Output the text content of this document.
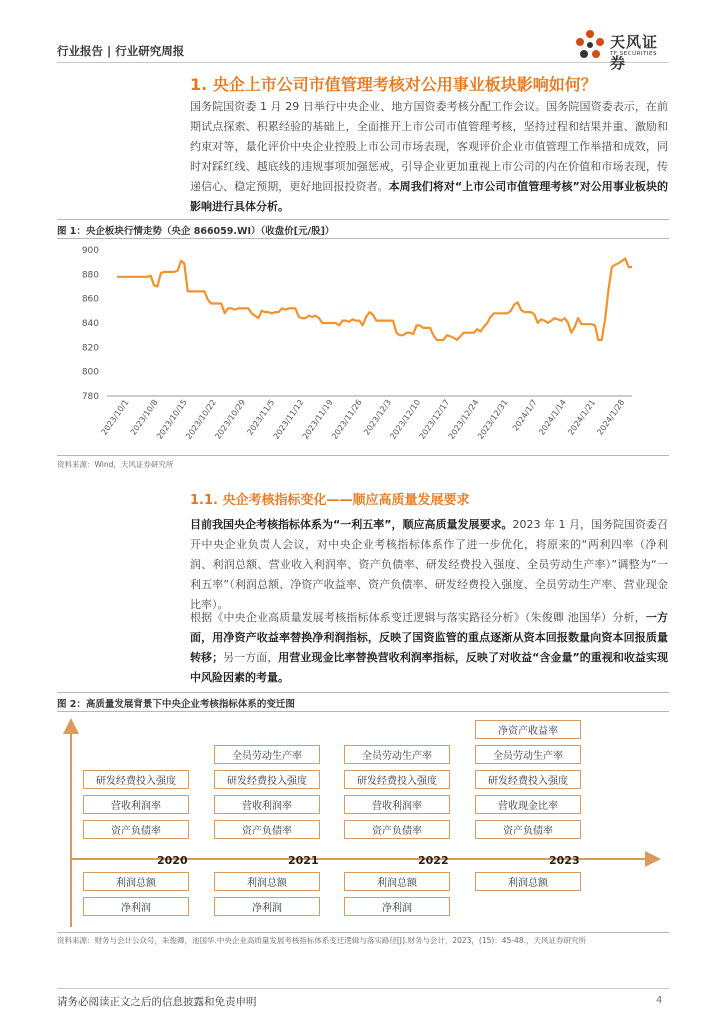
行业报告 | 行业研究周报	天风证券
TF SECURITIES
1. 央企上市公司市值管理考核对公用事业板块影响如何？
国务院国资委 1 月 29 日举行中央企业、地方国资委考核分配工作会议。国务院国资委表示，在前期试点探索、积累经验的基础上，全面推开上市公司市值管理考核，坚持过程和结果并重、激励和约束对等，量化评价中央企业控股上市公司市场表现，客观评价企业市值管理工作举措和成效，同时对踩红线、越底线的违规事项加强惩戒，引导企业更加重视上市公司的内在价值和市场表现，传递信心、稳定预期，更好地回报投资者。本周我们将对“上市公司市值管理考核”对公用事业板块的影响进行具体分析。
图 1：央企板块行情走势（央企 866059.WI）（收盘价[元/股]）
780
800
820
840
860
880
900
2023/10/1
2023/10/8
2023/10/15
2023/10/22
2023/10/29
2023/11/5
2023/11/12
2023/11/19
2023/11/26
2023/12/3
2023/12/10
2023/12/17
2023/12/24
2023/12/31 2024/1/7
2024/1/14
2024/1/21
2024/1/28
资料来源：Wind，天风证券研究所
1.1. 央企考核指标变化——顺应高质量发展要求
目前我国央企考核指标体系为“一利五率”，顺应高质量发展要求。2023 年 1 月，国务院国资委召开中央企业负责人会议，对中央企业考核指标体系作了进一步优化，将原来的“两利四率（净利润、利润总额、营业收入利润率、资产负债率、研发经费投入强度、全员劳动生产率）”调整为“一利五率”（利润总额、净资产收益率、资产负债率、研发经费投入强度、全员劳动生产率、营业现金比率）。
根据《中央企业高质量发展考核指标体系变迁逻辑与落实路径分析》（朱俊卿 池国华）分析，一方面，用净资产收益率替换净利润指标，反映了国资监管的重点逐渐从资本回报数量向资本回报质量转移；另一方面，用营业现金比率替换营收利润率指标，反映了对收益“含金量”的重视和收益实现中风险因素的考量。
图 2：高质量发展背景下中央企业考核指标体系的变迁图
研发经费投入强度
营收利润率
资产负债率
2020
利润总额
净利润
全员劳动生产率
研发经费投入强度
营收利润率
资产负债率
2021
利润总额
净利润
全员劳动生产率
研发经费投入强度
营收利润率
资产负债率
2022
利润总额
净利润
净资产收益率
全员劳动生产率
研发经费投入强度
营收现金比率
资产负债率
2023
利润总额
资料来源：财务与会计公众号，朱俊卿，池国华.中央企业高质量发展考核指标体系变迁逻辑与落实路径[J].财务与会计，2023，(15)：45-48.，天风证券研究所
请务必阅读正文之后的信息披露和免责申明	4
